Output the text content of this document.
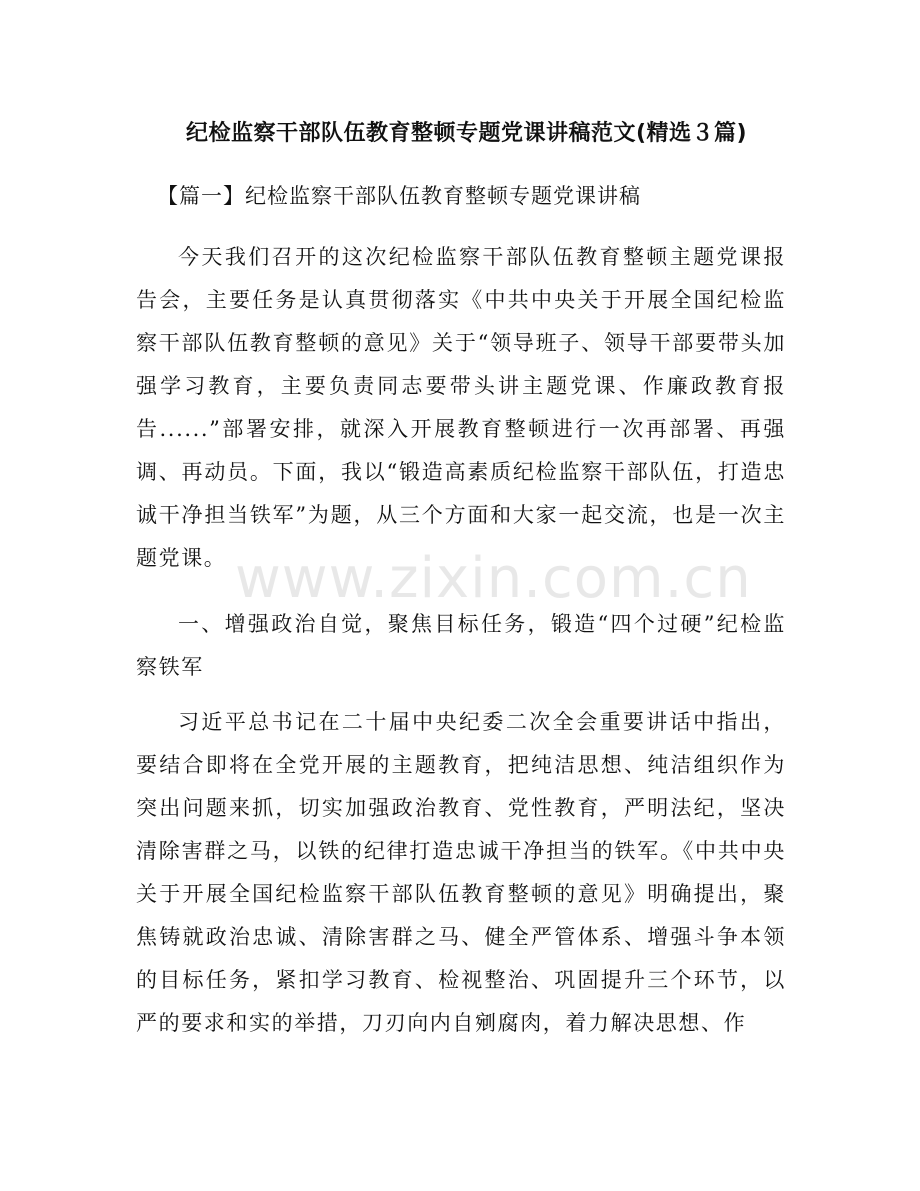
纪检监察干部队伍教育整顿专题党课讲稿范文(精选３篇)
【篇一】纪检监察干部队伍教育整顿专题党课讲稿
今天我们召开的这次纪检监察干部队伍教育整顿主题党课报告会，主要任务是认真贯彻落实《中共中央关于开展全国纪检监察干部队伍教育整顿的意见》关于“领导班子、领导干部要带头加强学习教育，主要负责同志要带头讲主题党课、作廉政教育报告......”部署安排，就深入开展教育整顿进行一次再部署、再强调、再动员。下面，我以“锻造高素质纪检监察干部队伍，打造忠诚干净担当铁军”为题，从三个方面和大家一起交流，也是一次主题党课。
一、增强政治自觉，聚焦目标任务，锻造“四个过硬”纪检监察铁军
习近平总书记在二十届中央纪委二次全会重要讲话中指出，要结合即将在全党开展的主题教育，把纯洁思想、纯洁组织作为突出问题来抓，切实加强政治教育、党性教育，严明法纪，坚决清除害群之马，以铁的纪律打造忠诚干净担当的铁军。《中共中央关于开展全国纪检监察干部队伍教育整顿的意见》明确提出，聚焦铸就政治忠诚、清除害群之马、健全严管体系、增强斗争本领的目标任务，紧扣学习教育、检视整治、巩固提升三个环节，以严的要求和实的举措，刀刃向内自剜腐肉，着力解决思想、作
www.zixin.com.cn
